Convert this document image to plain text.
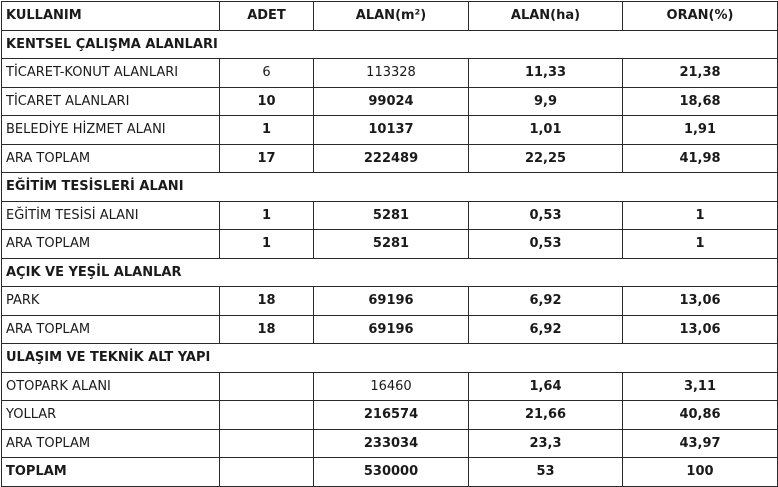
KULLANIM	ADET	ALAN(m²)	ALAN(ha)	ORAN(%)
KENTSEL ÇALIŞMA ALANLARI				
TİCARET-KONUT ALANLARI	6	113328	11,33	21,38
TİCARET ALANLARI	10	99024	9,9	18,68
BELEDİYE HİZMET ALANI	1	10137	1,01	1,91
ARA TOPLAM	17	222489	22,25	41,98
EĞİTİM TESİSLERİ ALANI				
EĞİTİM TESİSİ ALANI	1	5281	0,53	1
ARA TOPLAM	1	5281	0,53	1
AÇIK VE YEŞİL ALANLAR				
PARK	18	69196	6,92	13,06
ARA TOPLAM	18	69196	6,92	13,06
ULAŞIM VE TEKNİK ALT YAPI				
OTOPARK ALANI		16460	1,64	3,11
YOLLAR		216574	21,66	40,86
ARA TOPLAM		233034	23,3	43,97
TOPLAM		530000	53	100
